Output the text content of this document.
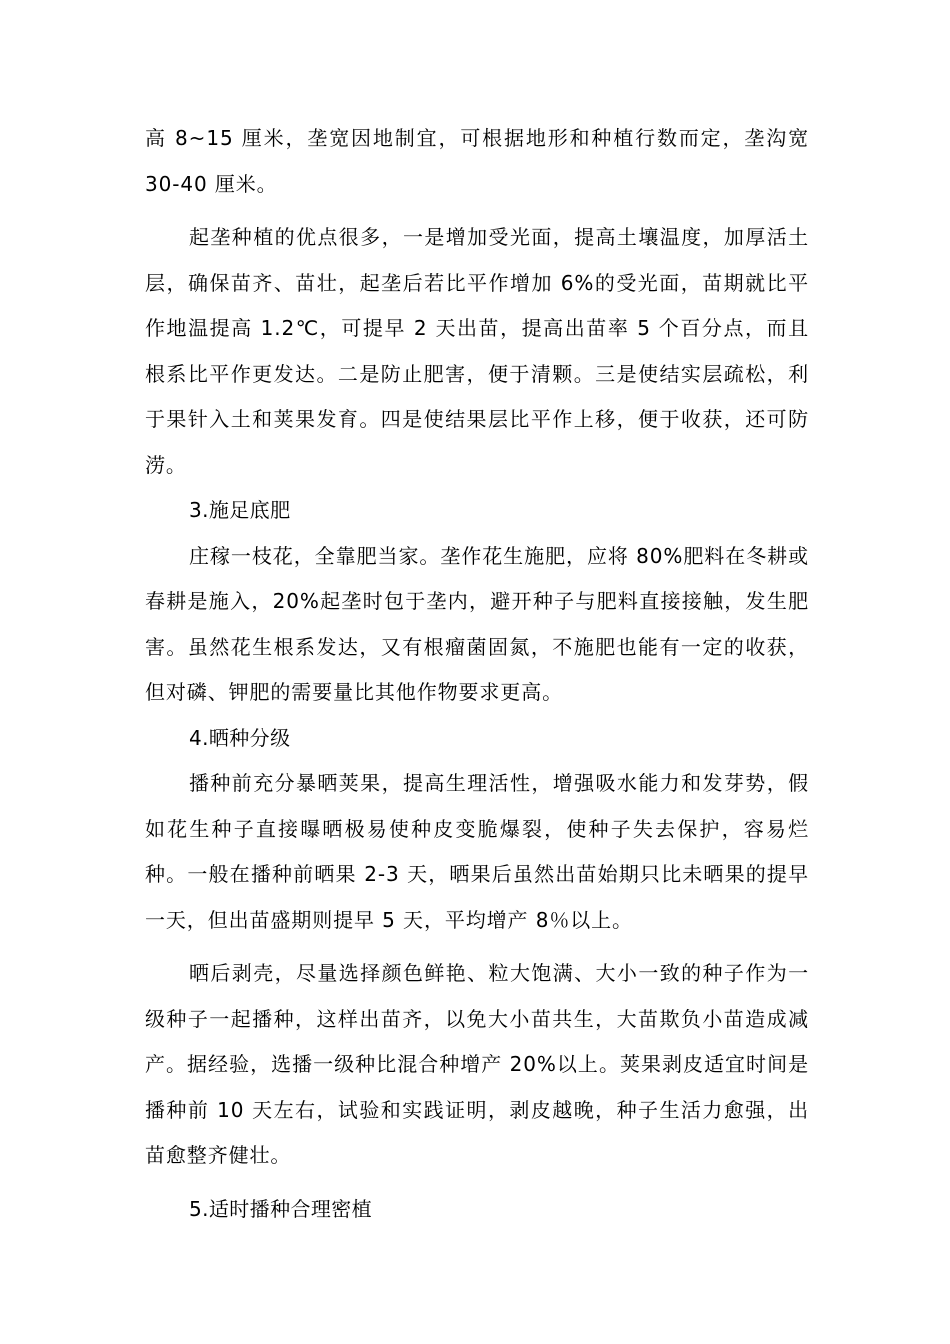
高 8~15 厘米，垄宽因地制宜，可根据地形和种植行数而定，垄沟宽 30-40 厘米。

起垄种植的优点很多，一是增加受光面，提高土壤温度，加厚活土层，确保苗齐、苗壮，起垄后若比平作增加 6%的受光面，苗期就比平作地温提高 1.2℃，可提早 2 天出苗，提高出苗率 5 个百分点，而且根系比平作更发达。二是防止肥害，便于清颗。三是使结实层疏松，利于果针入土和荚果发育。四是使结果层比平作上移，便于收获，还可防涝。

3.施足底肥

庄稼一枝花，全靠肥当家。垄作花生施肥，应将 80%肥料在冬耕或春耕是施入，20%起垄时包于垄内，避开种子与肥料直接接触，发生肥害。虽然花生根系发达，又有根瘤菌固氮，不施肥也能有一定的收获，但对磷、钾肥的需要量比其他作物要求更高。

4.晒种分级

播种前充分暴晒荚果，提高生理活性，增强吸水能力和发芽势，假如花生种子直接曝晒极易使种皮变脆爆裂，使种子失去保护，容易烂种。一般在播种前晒果 2-3 天，晒果后虽然出苗始期只比未晒果的提早一天，但出苗盛期则提早 5 天，平均增产 8％以上。

晒后剥壳，尽量选择颜色鲜艳、粒大饱满、大小一致的种子作为一级种子一起播种，这样出苗齐，以免大小苗共生，大苗欺负小苗造成减产。据经验，选播一级种比混合种增产 20%以上。荚果剥皮适宜时间是播种前 10 天左右，试验和实践证明，剥皮越晚，种子生活力愈强，出苗愈整齐健壮。

5.适时播种合理密植
